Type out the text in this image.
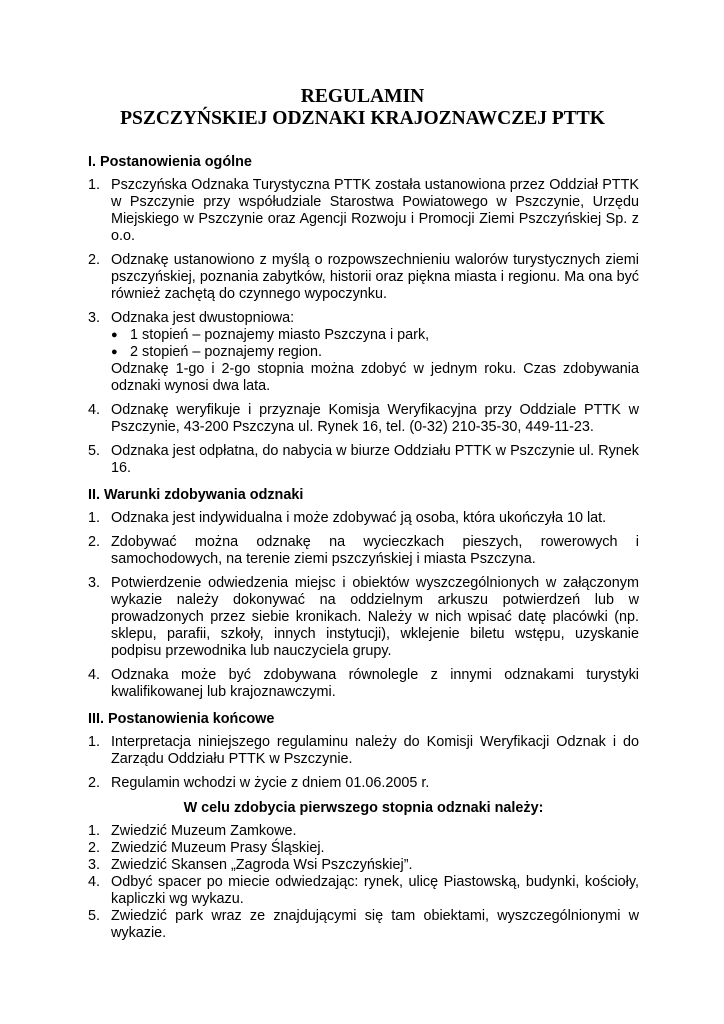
REGULAMIN
PSZCZYŃSKIEJ ODZNAKI KRAJOZNAWCZEJ PTTK
I. Postanowienia ogólne
1. Pszczyńska Odznaka Turystyczna PTTK została ustanowiona przez Oddział PTTK w Pszczynie przy współudziale Starostwa Powiatowego w Pszczynie, Urzędu Miejskiego w Pszczynie oraz Agencji Rozwoju i Promocji Ziemi Pszczyńskiej Sp. z o.o.
2. Odznakę ustanowiono z myślą o rozpowszechnieniu walorów turystycznych ziemi pszczyńskiej, poznania zabytków, historii oraz piękna miasta i regionu. Ma ona być również zachętą do czynnego wypoczynku.
3. Odznaka jest dwustopniowa:
● 1 stopień – poznajemy miasto Pszczyna i park,
● 2 stopień – poznajemy region.
Odznakę 1-go i 2-go stopnia można zdobyć w jednym roku. Czas zdobywania odznaki wynosi dwa lata.
4. Odznakę weryfikuje i przyznaje Komisja Weryfikacyjna przy Oddziale PTTK w Pszczynie, 43-200 Pszczyna ul. Rynek 16, tel. (0-32) 210-35-30, 449-11-23.
5. Odznaka jest odpłatna, do nabycia w biurze Oddziału PTTK w Pszczynie ul. Rynek 16.
II. Warunki zdobywania odznaki
1. Odznaka jest indywidualna i może zdobywać ją osoba, która ukończyła 10 lat.
2. Zdobywać można odznakę na wycieczkach pieszych, rowerowych i samochodowych, na terenie ziemi pszczyńskiej i miasta Pszczyna.
3. Potwierdzenie odwiedzenia miejsc i obiektów wyszczególnionych w załączonym wykazie należy dokonywać na oddzielnym arkuszu potwierdzeń lub w prowadzonych przez siebie kronikach. Należy w nich wpisać datę placówki (np. sklepu, parafii, szkoły, innych instytucji), wklejenie biletu wstępu, uzyskanie podpisu przewodnika lub nauczyciela grupy.
4. Odznaka może być zdobywana równolegle z innymi odznakami turystyki kwalifikowanej lub krajoznawczymi.
III. Postanowienia końcowe
1. Interpretacja niniejszego regulaminu należy do Komisji Weryfikacji Odznak i do Zarządu Oddziału PTTK w Pszczynie.
2. Regulamin wchodzi w życie z dniem 01.06.2005 r.
W celu zdobycia pierwszego stopnia odznaki należy:
1. Zwiedzić Muzeum Zamkowe.
2. Zwiedzić Muzeum Prasy Śląskiej.
3. Zwiedzić Skansen „Zagroda Wsi Pszczyńskiej”.
4. Odbyć spacer po miecie odwiedzając: rynek, ulicę Piastowską, budynki, kościoły, kapliczki wg wykazu.
5. Zwiedzić park wraz ze znajdującymi się tam obiektami, wyszczególnionymi w wykazie.
